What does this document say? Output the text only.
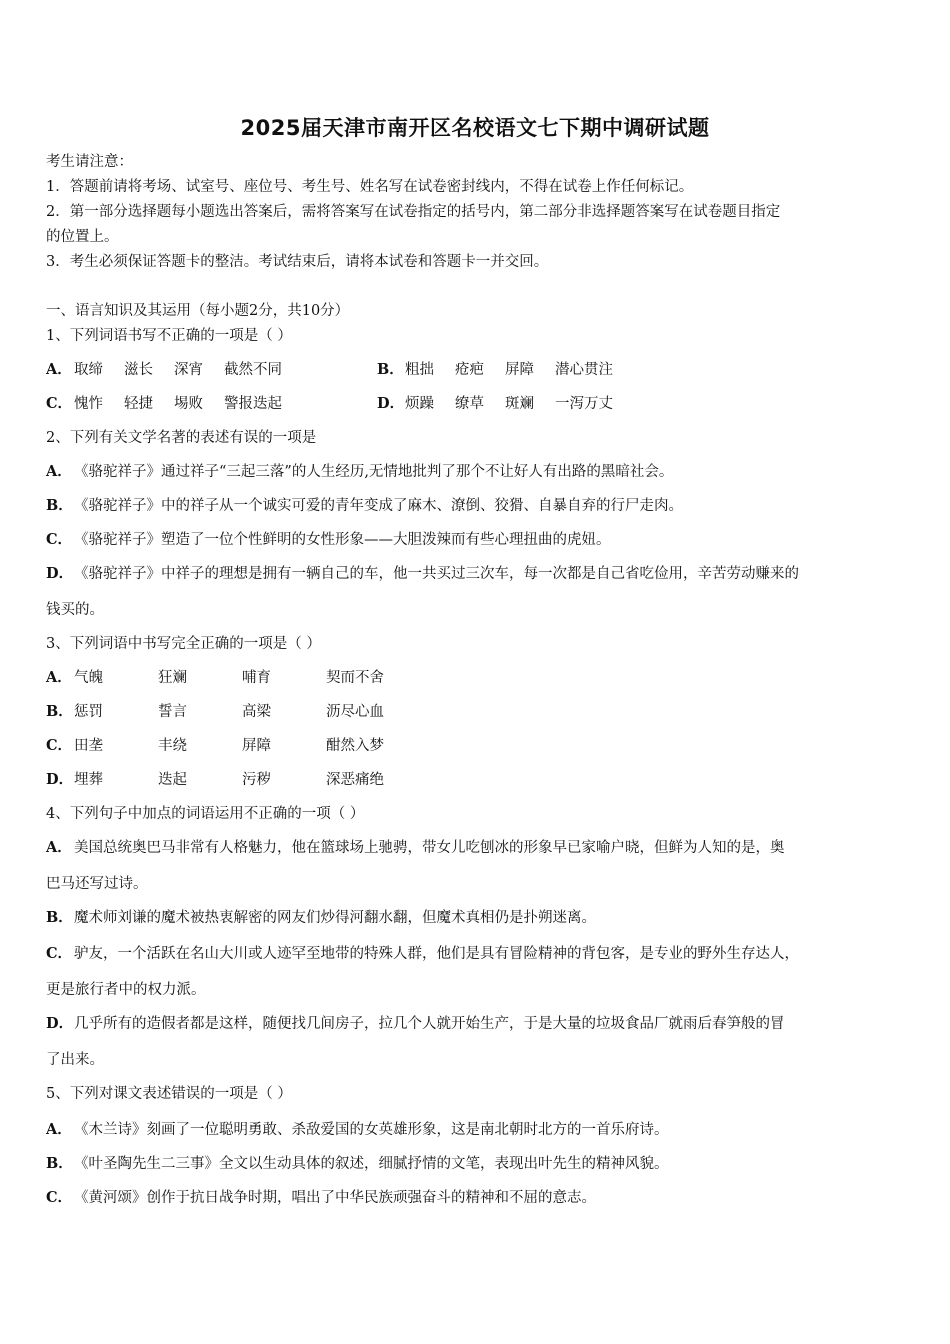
2025届天津市南开区名校语文七下期中调研试题
考生请注意：
1．答题前请将考场、试室号、座位号、考生号、姓名写在试卷密封线内，不得在试卷上作任何标记。
2．第一部分选择题每小题选出答案后，需将答案写在试卷指定的括号内，第二部分非选择题答案写在试卷题目指定
的位置上。
3．考生必须保证答题卡的整洁。考试结束后，请将本试卷和答题卡一并交回。
一、语言知识及其运用（每小题2分，共10分）
1、下列词语书写不正确的一项是（ ）
A． 取缔 滋长 深宵 截然不同	B． 粗拙 疮疤 屏障 潜心贯注
C． 愧怍 轻捷 埸败 警报迭起	D． 烦躁 缭草 斑斓 一泻万丈
2、下列有关文学名著的表述有误的一项是
A． 《骆驼祥子》通过祥子“三起三落”的人生经历,无情地批判了那个不让好人有出路的黑暗社会。
B．《骆驼祥子》中的祥子从一个诚实可爱的青年变成了麻木、潦倒、狡猾、自暴自弃的行尸走肉。
C． 《骆驼祥子》塑造了一位个性鲜明的女性形象——大胆泼辣而有些心理扭曲的虎妞。
D．《骆驼祥子》中祥子的理想是拥有一辆自己的车，他一共买过三次车，每一次都是自己省吃俭用，辛苦劳动赚来的
钱买的。
3、下列词语中书写完全正确的一项是（ ）
A． 气魄	狂斓	哺育	契而不舍
B． 惩罚	誓言	高梁	沥尽心血
C． 田垄	丰绕	屏障	酣然入梦
D． 埋葬	迭起	污秽	深恶痛绝
4、下列句子中加点的词语运用不正确的一项（ ）
A． 美国总统奥巴马非常有人格魅力，他在篮球场上驰骋，带女儿吃刨冰的形象早已家喻户晓，但鲜为人知的是，奥
巴马还写过诗。
B．魔术师刘谦的魔术被热衷解密的网友们炒得河翻水翻，但魔术真相仍是扑朔迷离。
C． 驴友，一个活跃在名山大川或人迹罕至地带的特殊人群，他们是具有冒险精神的背包客，是专业的野外生存达人，
更是旅行者中的权力派。
D．几乎所有的造假者都是这样，随便找几间房子，拉几个人就开始生产，于是大量的垃圾食品厂就雨后春笋般的冒
了出来。
5、下列对课文表述错误的一项是（ ）
A． 《木兰诗》刻画了一位聪明勇敢、杀敌爱国的女英雄形象，这是南北朝时北方的一首乐府诗。
B．《叶圣陶先生二三事》全文以生动具体的叙述，细腻抒情的文笔，表现出叶先生的精神风貌。
C． 《黄河颂》创作于抗日战争时期，唱出了中华民族顽强奋斗的精神和不屈的意志。
